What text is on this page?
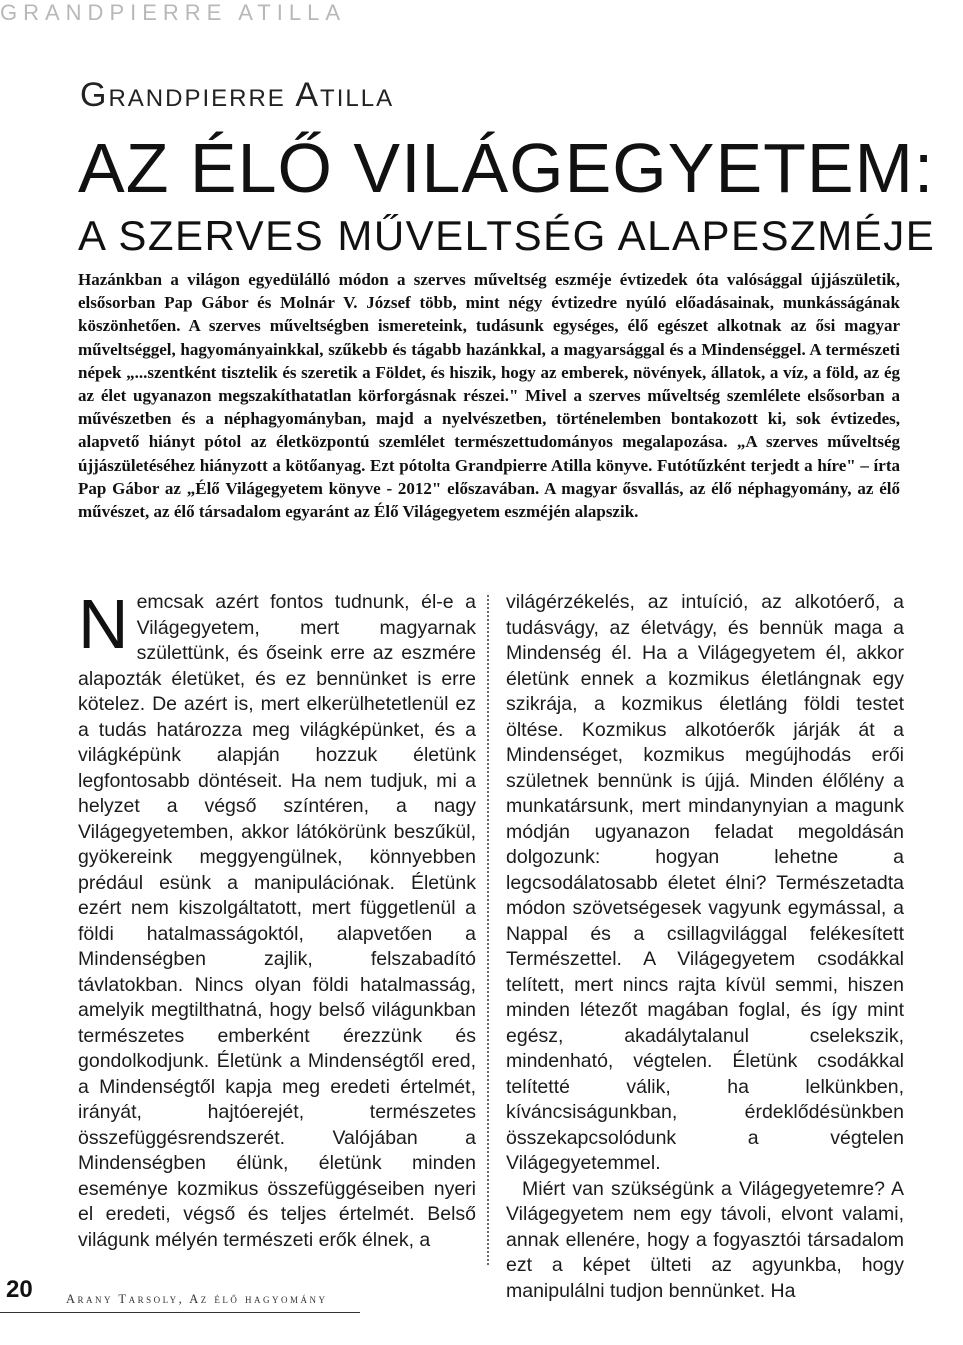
GRANDPIERRE ATILLA
Grandpierre Atilla
AZ ÉLŐ VILÁGEGYETEM:
A SZERVES MŰVELTSÉG ALAPESZMÉJE
Hazánkban a világon egyedülálló módon a szerves műveltség eszméje évtizedek óta valósággal újjászületik, elsősorban Pap Gábor és Molnár V. József több, mint négy évtizedre nyúló előadásainak, munkásságának köszönhetően. A szerves műveltségben ismereteink, tudásunk egységes, élő egészet alkotnak az ősi magyar műveltséggel, hagyományainkkal, szűkebb és tágabb hazánkkal, a magyarsággal és a Mindenséggel. A természeti népek „...szentként tisztelik és szeretik a Földet, és hiszik, hogy az emberek, növények, állatok, a víz, a föld, az ég az élet ugyanazon megszakíthatatlan körforgásnak részei." Mivel a szerves műveltség szemlélete elsősorban a művészetben és a néphagyományban, majd a nyelvészetben, történelemben bontakozott ki, sok évtizedes, alapvető hiányt pótol az életközpontú szemlélet természettudományos megalapozása. „A szerves műveltség újjászületéséhez hiányzott a kötőanyag. Ezt pótolta Grandpierre Atilla könyve. Futótűzként terjedt a híre" – írta Pap Gábor az „Élő Világegyetem könyve - 2012" előszavában. A magyar ősvallás, az élő néphagyomány, az élő művészet, az élő társadalom egyaránt az Élő Világegyetem eszméjén alapszik.

Nemcsak azért fontos tudnunk, él-e a Világegyetem, mert magyarnak születtünk, és őseink erre az eszmére alapozták életüket, és ez bennünket is erre kötelez. De azért is, mert elkerülhetetlenül ez a tudás határozza meg világképünket, és a világképünk alapján hozzuk életünk legfontosabb döntéseit. Ha nem tudjuk, mi a helyzet a végső színtéren, a nagy Világegyetemben, akkor látókörünk beszűkül, gyökereink meggyengülnek, könnyebben prédául esünk a manipulációnak. Életünk ezért nem kiszolgáltatott, mert függetlenül a földi hatalmasságoktól, alapvetően a Mindenségben zajlik, felszabadító távlatokban. Nincs olyan földi hatalmasság, amelyik megtilthatná, hogy belső világunkban természetes emberként érezzünk és gondolkodjunk. Életünk a Mindenségtől ered, a Mindenségtől kapja meg eredeti értelmét, irányát, hajtóerejét, természetes összefüggésrendszerét. Valójában a Mindenségben élünk, életünk minden eseménye kozmikus összefüggéseiben nyeri el eredeti, végső és teljes értelmét. Belső világunk mélyén természeti erők élnek, a

világérzékelés, az intuíció, az alkotóerő, a tudásvágy, az életvágy, és bennük maga a Mindenség él. Ha a Világegyetem él, akkor életünk ennek a kozmikus életlángnak egy szikrája, a kozmikus életláng földi testet öltése. Kozmikus alkotóerők járják át a Mindenséget, kozmikus megújhodás erői születnek bennünk is újjá. Minden élőlény a munkatársunk, mert mindanynyian a magunk módján ugyanazon feladat megoldásán dolgozunk: hogyan lehetne a legcsodálatosabb életet élni? Természetadta módon szövetségesek vagyunk egymással, a Nappal és a csillagvilággal felékesített Természettel. A Világegyetem csodákkal telített, mert nincs rajta kívül semmi, hiszen minden létezőt magában foglal, és így mint egész, akadálytalanul cselekszik, mindenható, végtelen. Életünk csodákkal telítetté válik, ha lelkünkben, kíváncsiságunkban, érdeklődésünkben összekapcsolódunk a végtelen Világegyetemmel.

Miért van szükségünk a Világegyetemre? A Világegyetem nem egy távoli, elvont valami, annak ellenére, hogy a fogyasztói társadalom ezt a képet ülteti az agyunkba, hogy manipulálni tudjon bennünket. Ha

20	Arany Tarsoly, Az élő hagyomány
